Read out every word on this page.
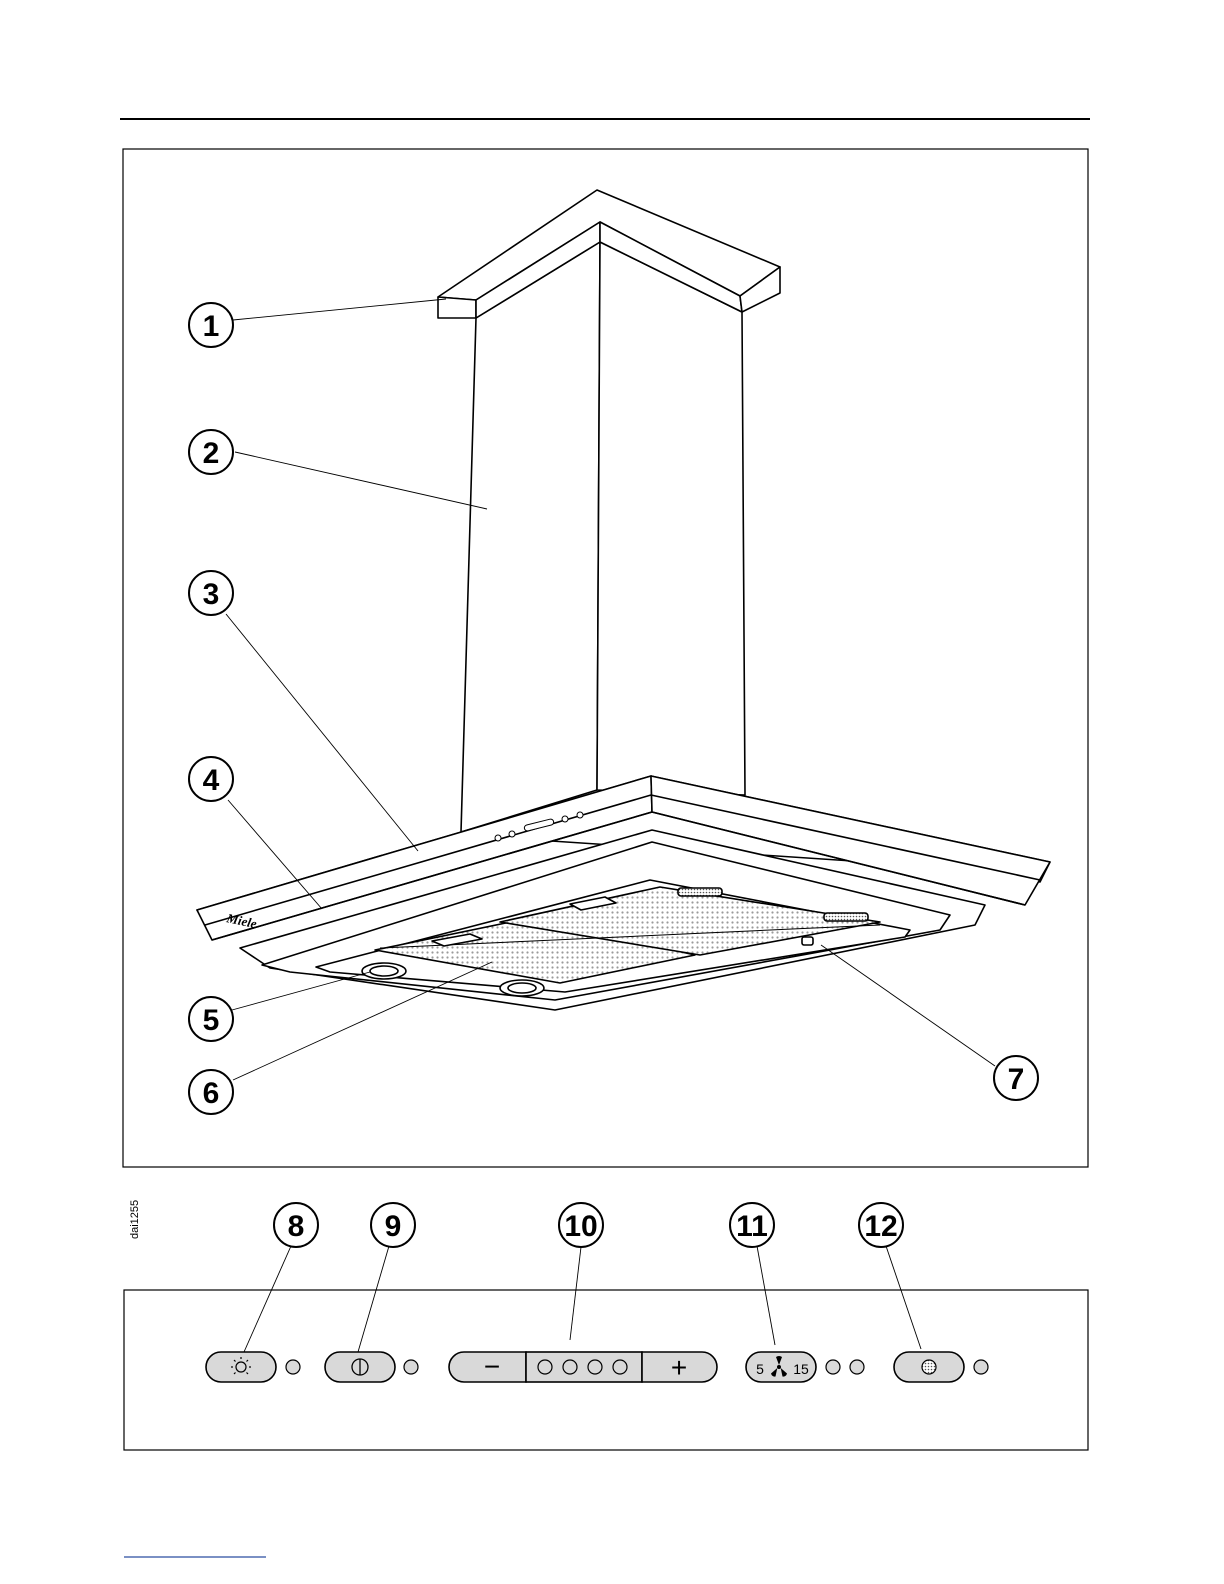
Miele
1
2
3
4
5
6	7
dai1255	8	9	10	11	12
−	+	5 15
